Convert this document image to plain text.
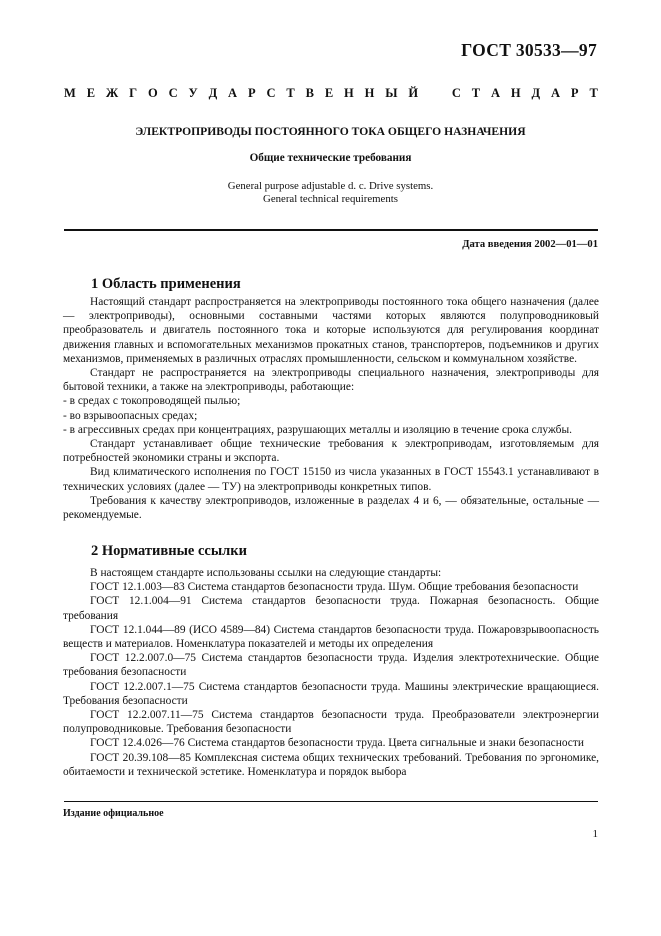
ГОСТ 30533—97
М Е Ж Г О С У Д А Р С Т В Е Н Н Ы Й	С Т А Н Д А Р Т
ЭЛЕКТРОПРИВОДЫ ПОСТОЯННОГО ТОКА ОБЩЕГО НАЗНАЧЕНИЯ
Общие технические требования
General purpose adjustable d. c. Drive systems.
General technical requirements
Дата введения 2002—01—01
1 Область применения

Настоящий стандарт распространяется на электроприводы постоянного тока общего назначения (далее — электроприводы), основными составными частями которых являются полупроводниковый преобразователь и двигатель постоянного тока и которые используются для регулирования координат движения главных и вспомогательных механизмов прокатных станов, транспортеров, подъемников и других механизмов, применяемых в различных отраслях промышленности, сельском и коммунальном хозяйстве.

Стандарт не распространяется на электроприводы специального назначения, электроприводы для бытовой техники, а также на электроприводы, работающие:

- в средах с токопроводящей пылью;

- во взрывоопасных средах;

- в агрессивных средах при концентрациях, разрушающих металлы и изоляцию в течение срока службы.

Стандарт устанавливает общие технические требования к электроприводам, изготовляемым для потребностей экономики страны и экспорта.

Вид климатического исполнения по ГОСТ 15150 из числа указанных в ГОСТ 15543.1 устанавливают в технических условиях (далее — ТУ) на электроприводы конкретных типов.

Требования к качеству электроприводов, изложенные в разделах 4 и 6, — обязательные, остальные — рекомендуемые.

2 Нормативные ссылки

В настоящем стандарте использованы ссылки на следующие стандарты:

ГОСТ 12.1.003—83 Система стандартов безопасности труда. Шум. Общие требования безопасности

ГОСТ 12.1.004—91 Система стандартов безопасности труда. Пожарная безопасность. Общие требования

ГОСТ 12.1.044—89 (ИСО 4589—84) Система стандартов безопасности труда. Пожаровзрывоопасность веществ и материалов. Номенклатура показателей и методы их определения

ГОСТ 12.2.007.0—75 Система стандартов безопасности труда. Изделия электротехнические. Общие требования безопасности

ГОСТ 12.2.007.1—75 Система стандартов безопасности труда. Машины электрические вращающиеся. Требования безопасности

ГОСТ 12.2.007.11—75 Система стандартов безопасности труда. Преобразователи электроэнергии полупроводниковые. Требования безопасности

ГОСТ 12.4.026—76 Система стандартов безопасности труда. Цвета сигнальные и знаки безопасности

ГОСТ 20.39.108—85 Комплексная система общих технических требований. Требования по эргономике, обитаемости и технической эстетике. Номенклатура и порядок выбора

Издание официальное
1
